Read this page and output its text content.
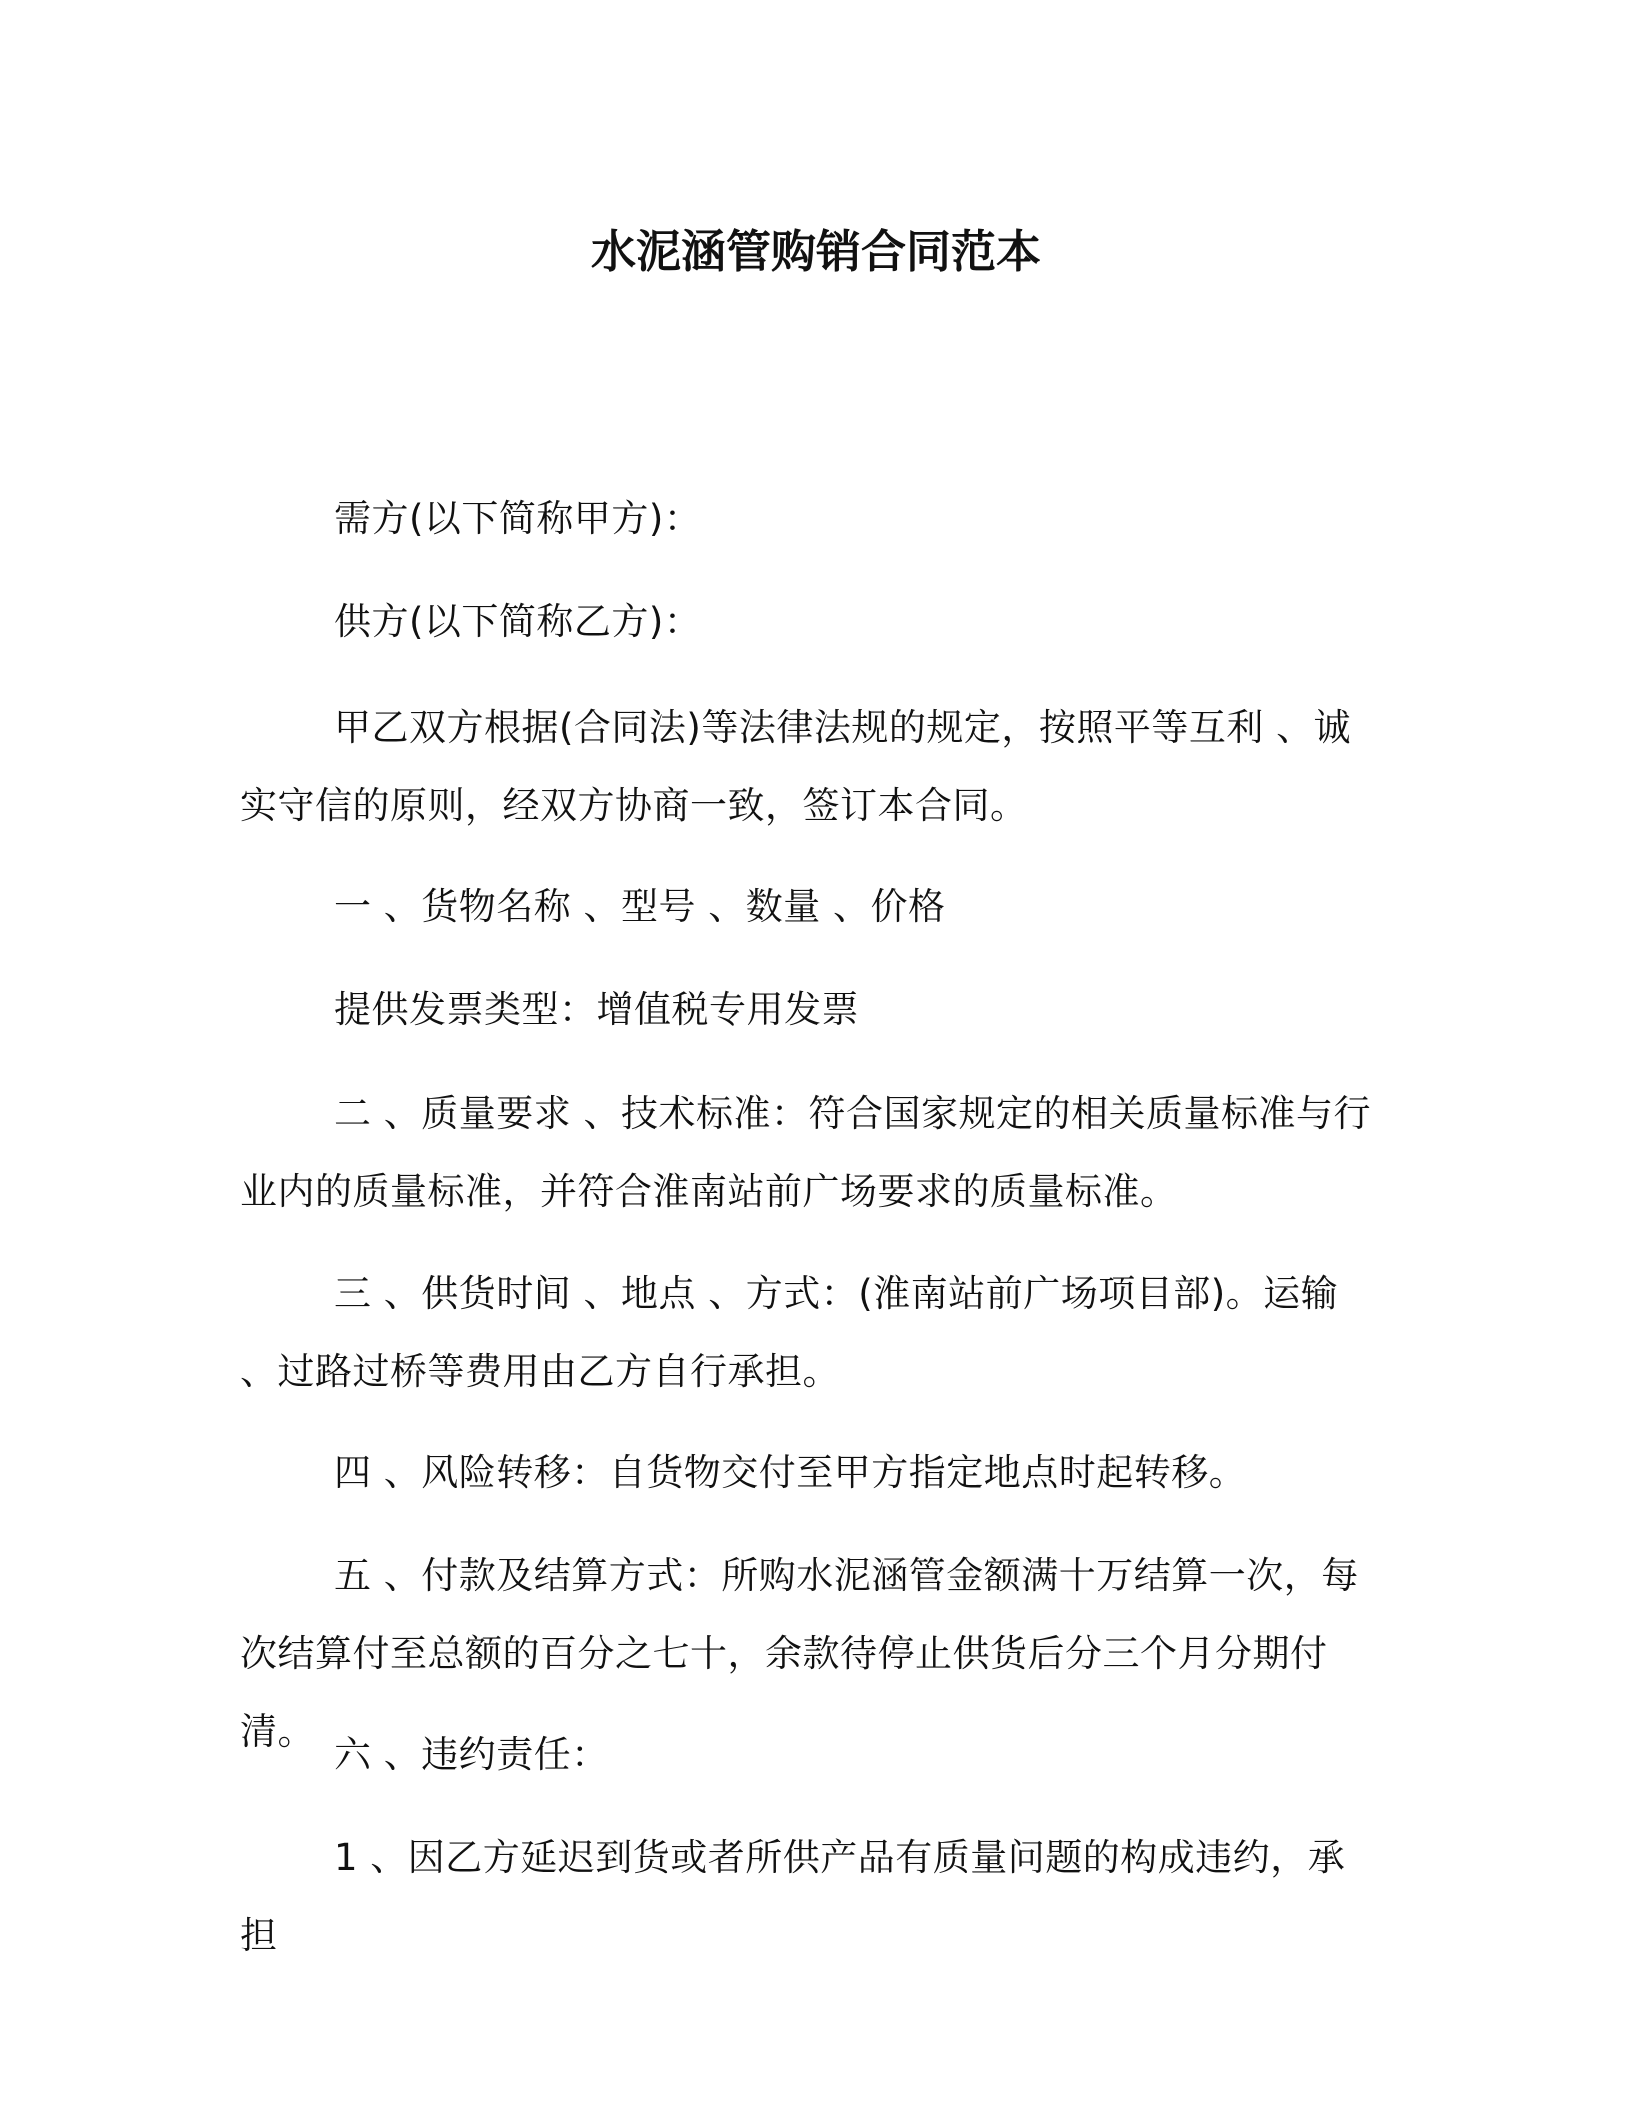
水泥涵管购销合同范本
需方(以下简称甲方)：
供方(以下简称乙方)：
甲乙双方根据(合同法)等法律法规的规定，按照平等互利 、诚实守信的原则，经双方协商一致，签订本合同。
一 、货物名称 、型号 、数量 、价格
提供发票类型：增值税专用发票
二 、质量要求 、技术标准：符合国家规定的相关质量标准与行业内的质量标准，并符合淮南站前广场要求的质量标准。
三 、供货时间 、地点 、方式：(淮南站前广场项目部)。运输 、过路过桥等费用由乙方自行承担。
四 、风险转移：自货物交付至甲方指定地点时起转移。
五 、付款及结算方式：所购水泥涵管金额满十万结算一次，每次结算付至总额的百分之七十，余款待停止供货后分三个月分期付清。
六 、违约责任：
1 、因乙方延迟到货或者所供产品有质量问题的构成违约，承担
